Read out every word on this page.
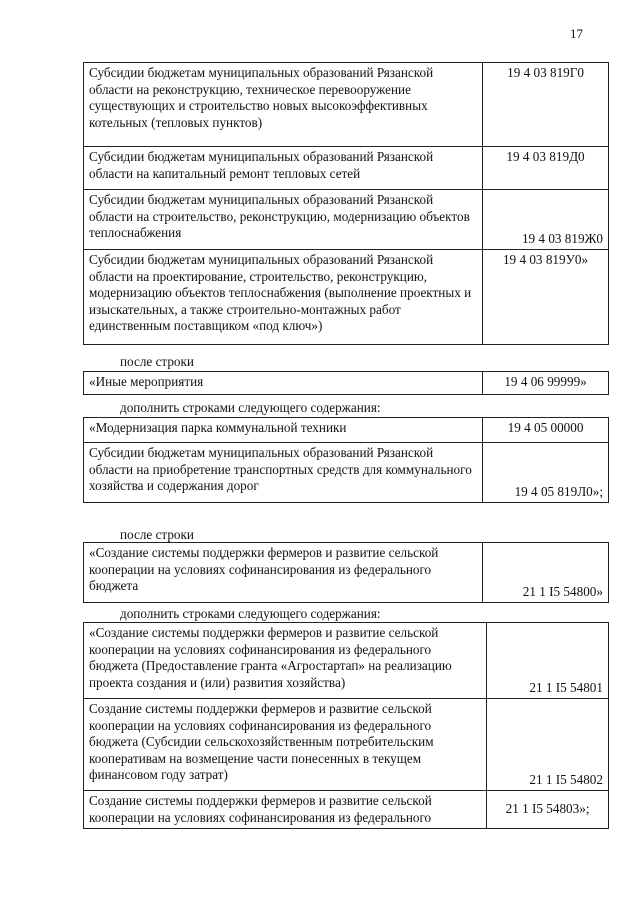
17
Субсидии бюджетам муниципальных образований Рязанской области на реконструкцию, техническое перевооружение существующих и строительство новых высокоэффективных котельных (тепловых пунктов)	19 4 03 819Г0
Субсидии бюджетам муниципальных образований Рязанской области на капитальный ремонт тепловых сетей	19 4 03 819Д0
Субсидии бюджетам муниципальных образований Рязанской области на строительство, реконструкцию, модернизацию объектов теплоснабжения	19 4 03 819Ж0
Субсидии бюджетам муниципальных образований Рязанской области на проектирование, строительство, реконструкцию, модернизацию объектов теплоснабжения (выполнение проектных и изыскательных, а также строительно-монтажных работ единственным поставщиком «под ключ»)	19 4 03 819У0»
после строки
«Иные мероприятия	19 4 06 99999»
дополнить строками следующего содержания:
«Модернизация парка коммунальной техники	19 4 05 00000
Субсидии бюджетам муниципальных образований Рязанской области на приобретение транспортных средств для коммунального хозяйства и содержания дорог	19 4 05 819Л0»;
после строки
«Создание системы поддержки фермеров и развитие сельской кооперации на условиях софинансирования из федерального бюджета	21 1 I5 54800»
дополнить строками следующего содержания:
«Создание системы поддержки фермеров и развитие сельской кооперации на условиях софинансирования из федерального бюджета (Предоставление гранта «Агростартап» на реализацию проекта создания и (или) развития хозяйства)	21 1 I5 54801
Создание системы поддержки фермеров и развитие сельской кооперации на условиях софинансирования из федерального бюджета (Субсидии сельскохозяйственным потребительским кооперативам на возмещение части понесенных в текущем финансовом году затрат)	21 1 I5 54802
Создание системы поддержки фермеров и развитие сельской кооперации на условиях софинансирования из федерального	21 1 I5 54803»;
